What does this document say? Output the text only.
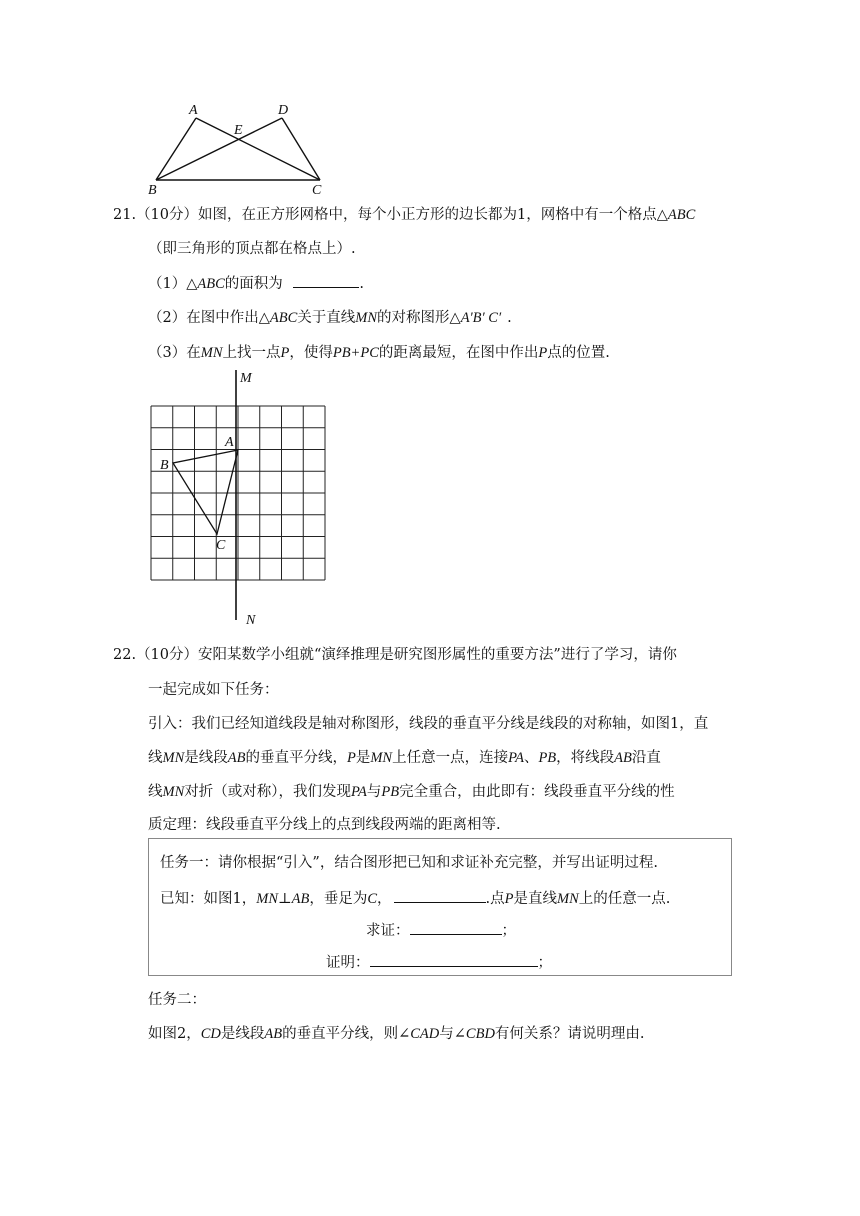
A	D
E
B	C
21.（10分）如图，在正方形网格中，每个小正方形的边长都为1，网格中有一个格点△ABC
（即三角形的顶点都在格点上）.
（1）△ABC的面积为	.
（2）在图中作出△ABC关于直线MN的对称图形△A'B′ C′ .
（3）在MN上找一点P，使得PB+PC的距离最短，在图中作出P点的位置.
M
N
A
B
C
22.（10分）安阳某数学小组就“演绎推理是研究图形属性的重要方法”进行了学习，请你
一起完成如下任务：
引入：我们已经知道线段是轴对称图形，线段的垂直平分线是线段的对称轴，如图1，直
线MN是线段AB的垂直平分线，P是MN上任意一点，连接PA、PB，将线段AB沿直
线MN对折（或对称），我们发现PA与PB完全重合，由此即有：线段垂直平分线的性
质定理：线段垂直平分线上的点到线段两端的距离相等.
任务一：请你根据“引入”，结合图形把已知和求证补充完整，并写出证明过程.
已知：如图1，MN⊥AB，垂足为C，	.点P是直线MN上的任意一点.
求证：	；
证明：	；
任务二：
如图2，CD是线段AB的垂直平分线，则∠CAD与∠CBD有何关系？请说明理由.
